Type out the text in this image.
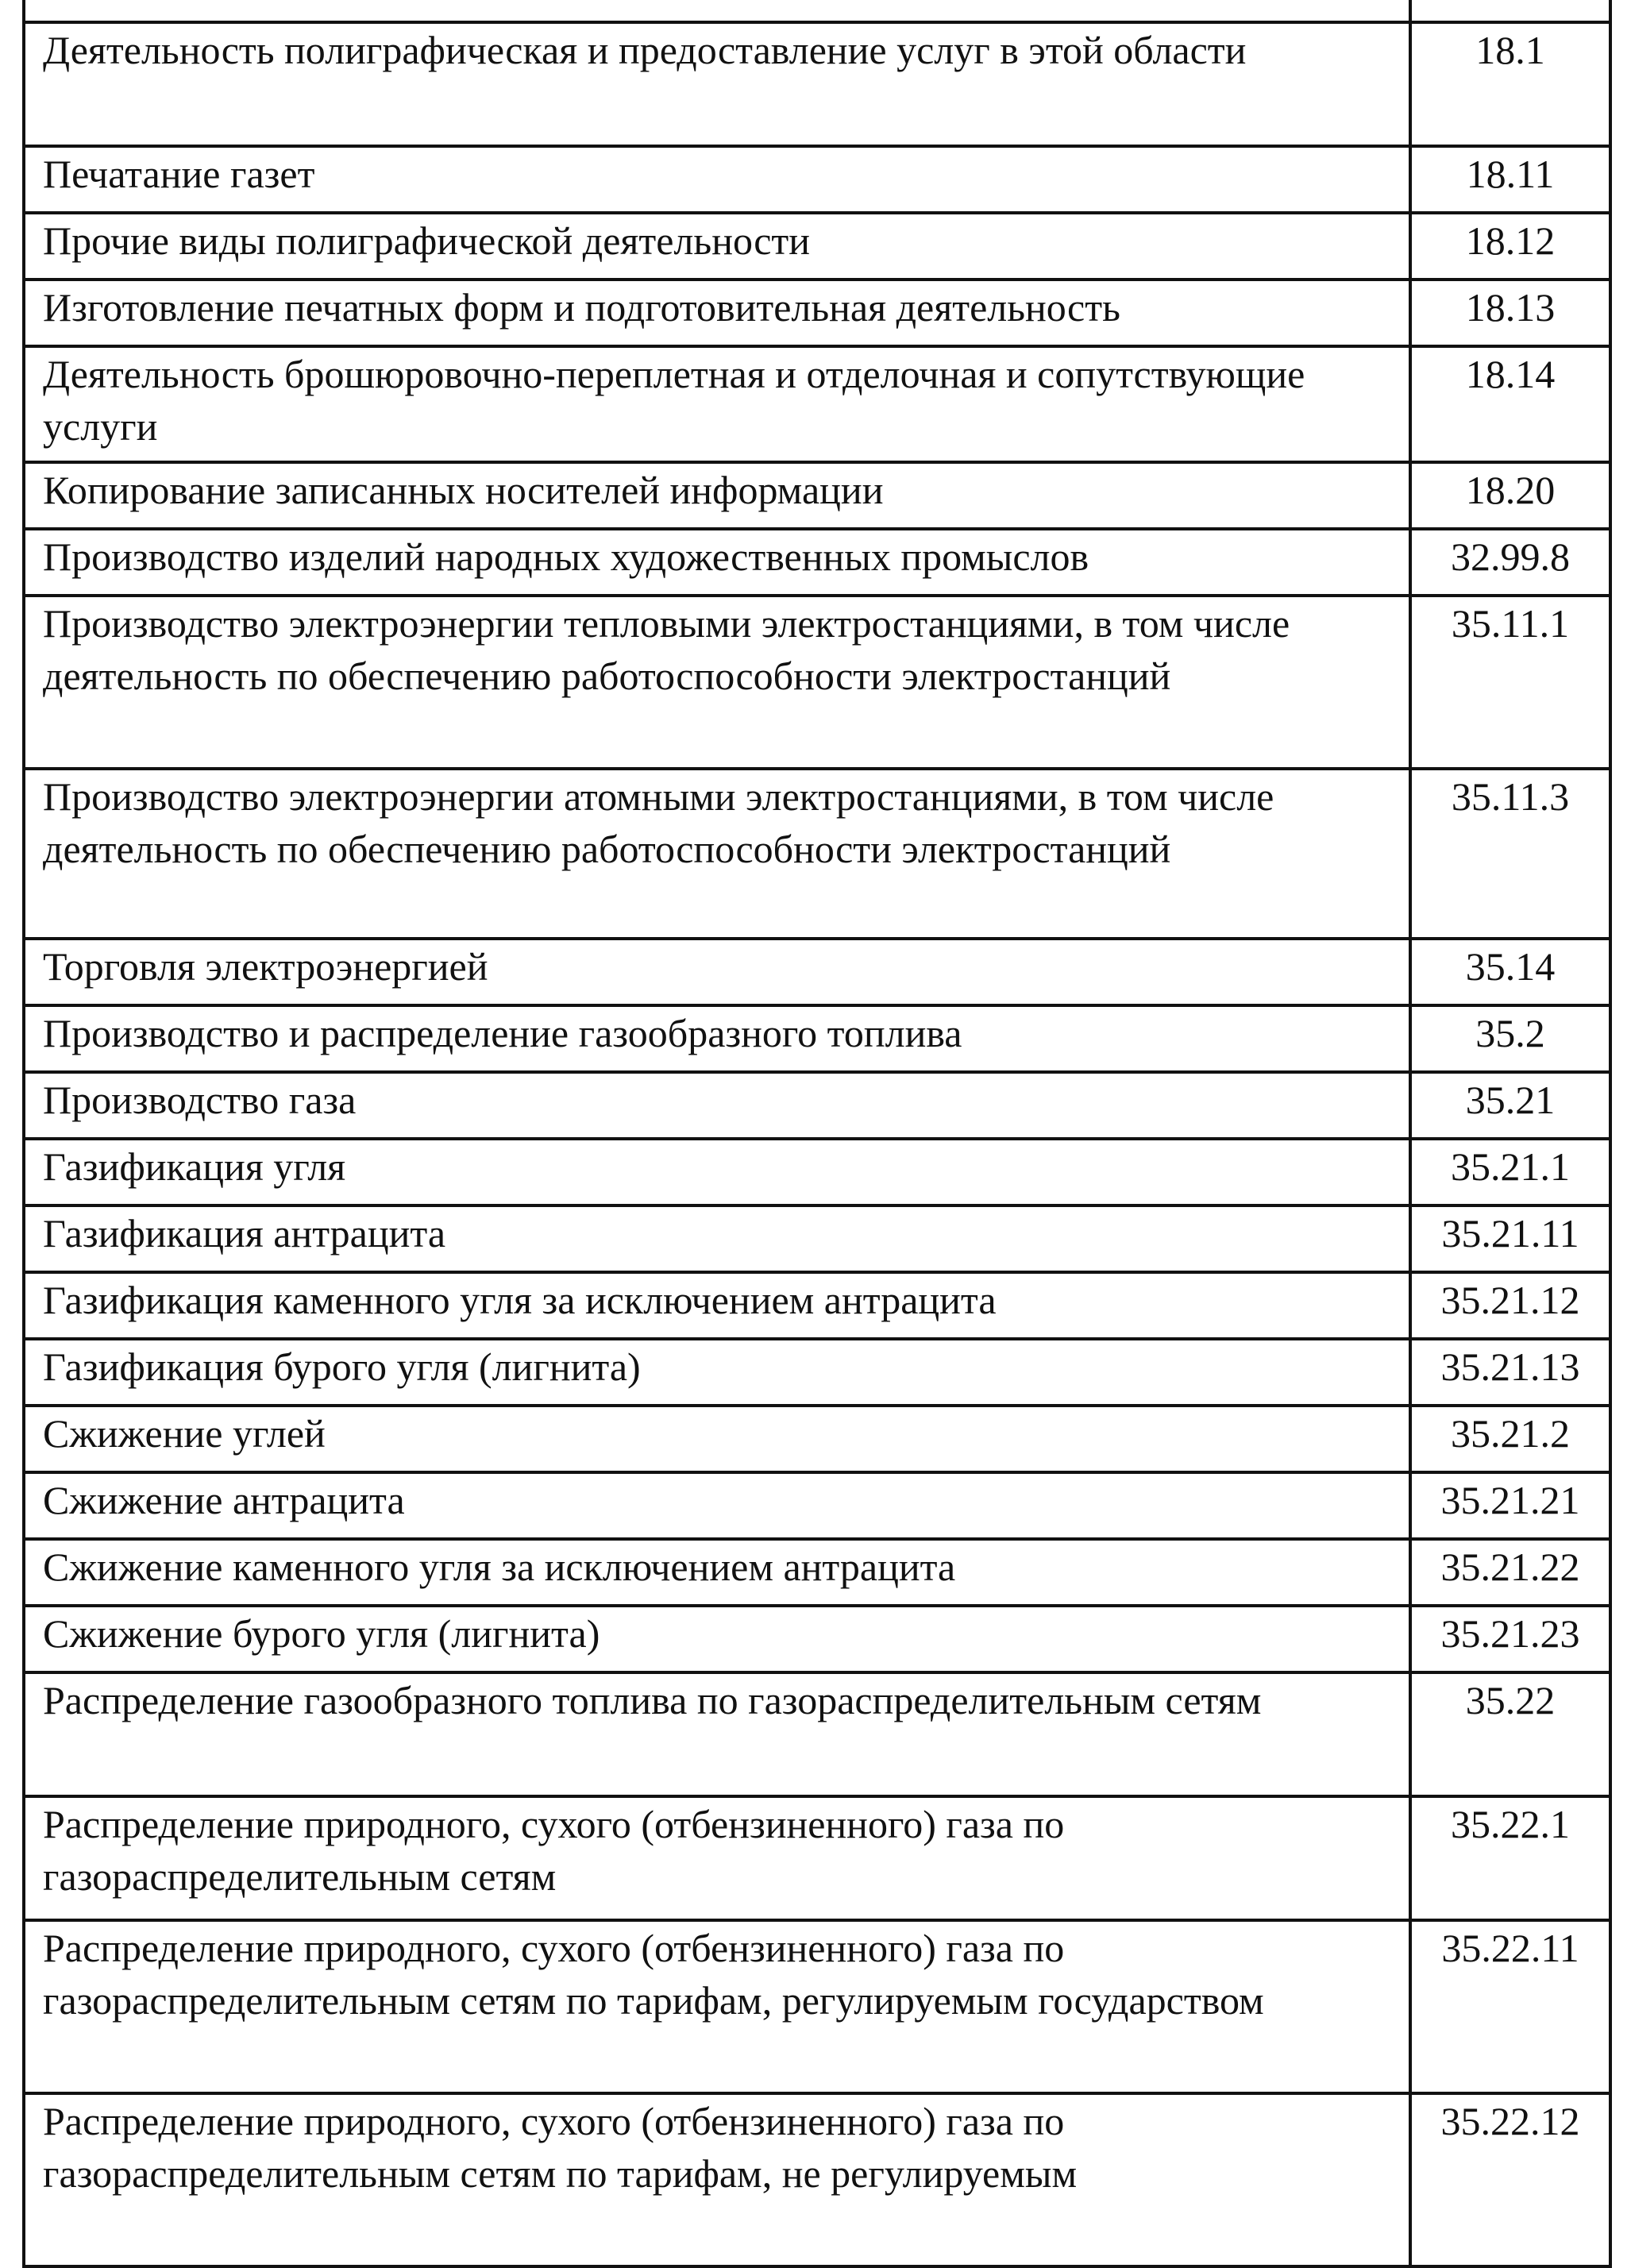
Деятельность полиграфическая и предоставление услуг в этой области	18.1
Печатание газет	18.11
Прочие виды полиграфической деятельности	18.12
Изготовление печатных форм и подготовительная деятельность	18.13
Деятельность брошюровочно-переплетная и отделочная и сопутствующие услуги	18.14
Копирование записанных носителей информации	18.20
Производство изделий народных художественных промыслов	32.99.8
Производство электроэнергии тепловыми электростанциями, в том числе деятельность по обеспечению работоспособности электростанций	35.11.1
Производство электроэнергии атомными электростанциями, в том числе деятельность по обеспечению работоспособности электростанций	35.11.3
Торговля электроэнергией	35.14
Производство и распределение газообразного топлива	35.2
Производство газа	35.21
Газификация угля	35.21.1
Газификация антрацита	35.21.11
Газификация каменного угля за исключением антрацита	35.21.12
Газификация бурого угля (лигнита)	35.21.13
Сжижение углей	35.21.2
Сжижение антрацита	35.21.21
Сжижение каменного угля за исключением антрацита	35.21.22
Сжижение бурого угля (лигнита)	35.21.23
Распределение газообразного топлива по газораспределительным сетям	35.22
Распределение природного, сухого (отбензиненного) газа по газораспределительным сетям	35.22.1
Распределение природного, сухого (отбензиненного) газа по газораспределительным сетям по тарифам, регулируемым государством	35.22.11
Распределение природного, сухого (отбензиненного) газа по газораспределительным сетям по тарифам, не регулируемым	35.22.12
